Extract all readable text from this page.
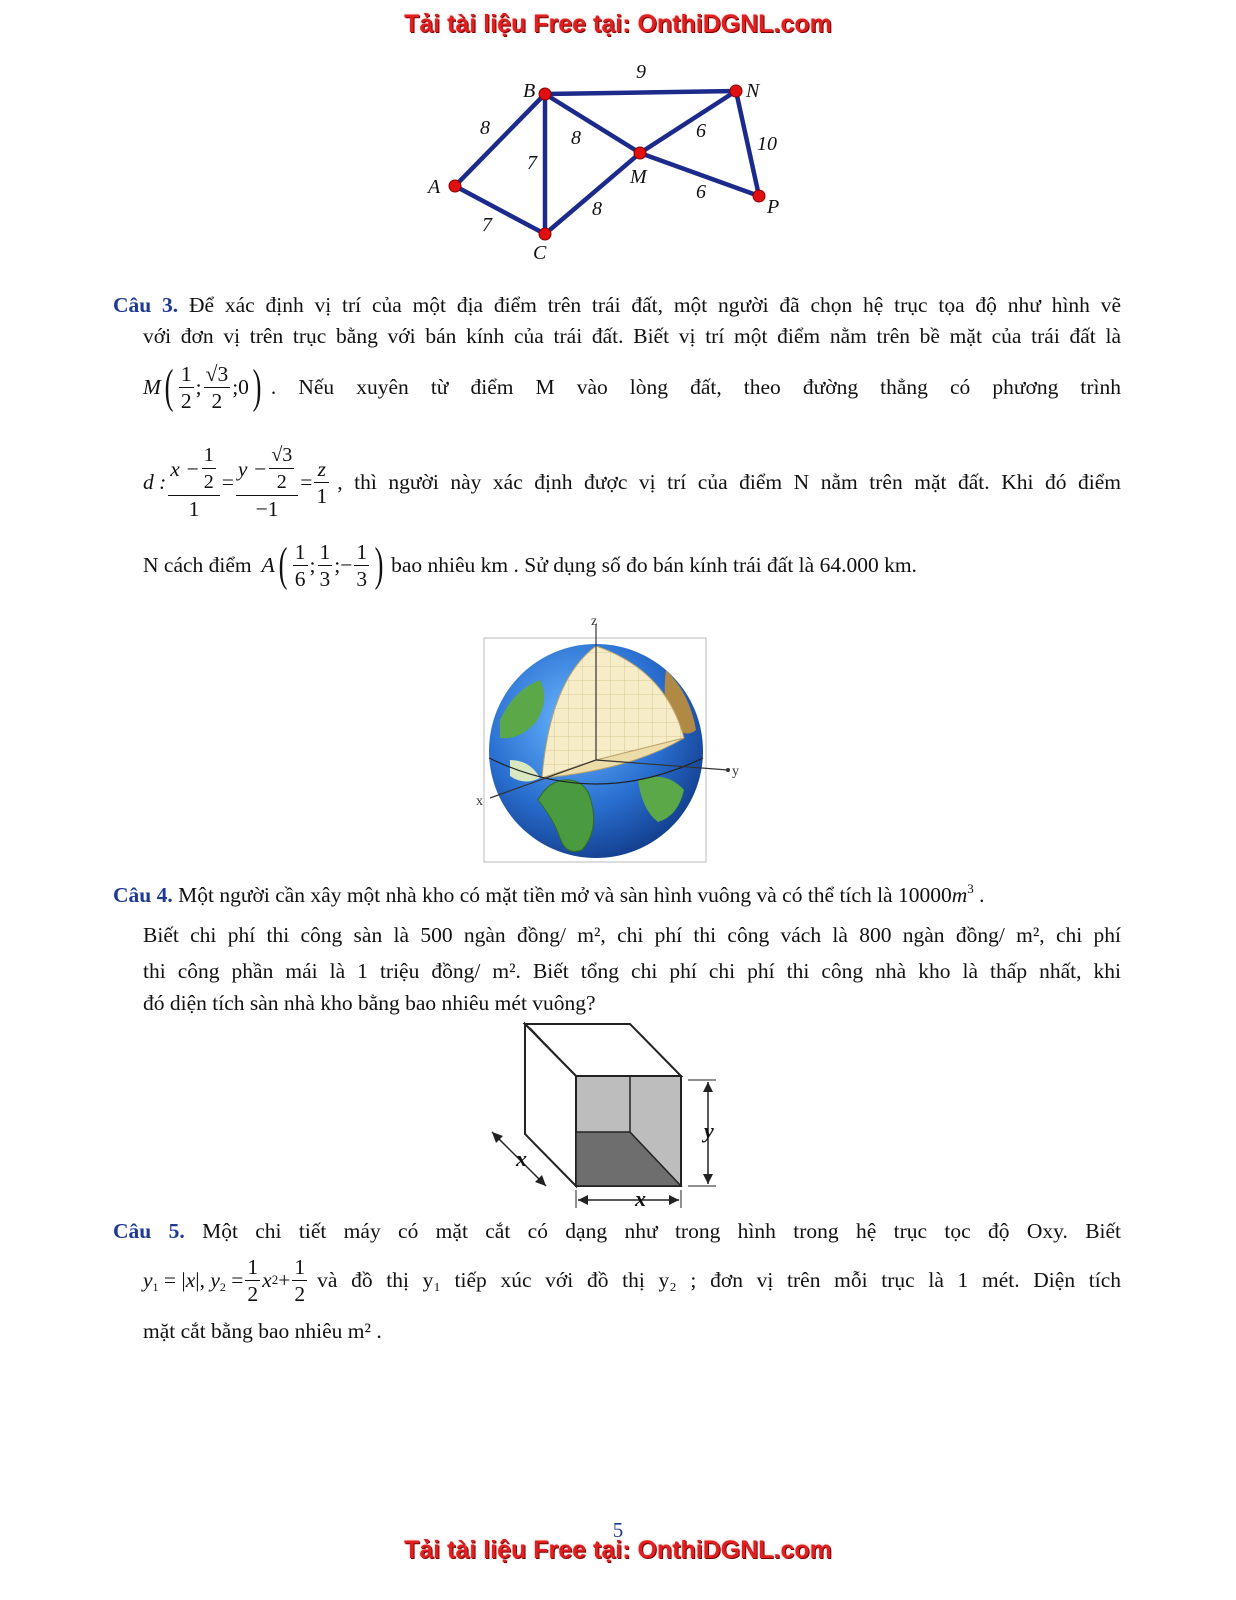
Tải tài liệu Free tại: OnthiDGNL.com
B	N
A	M
P
C
9
8	8
7
6
10
6
8
7
Câu 3. Để xác định vị trí của một địa điểm trên trái đất, một người đã chọn hệ trục tọa độ như hình vẽ
với đơn vị trên trục bằng với bán kính của trái đất. Biết vị trí một điểm nằm trên bề mặt của trái đất là
M ( $\frac{1}{2}$ ; $\frac{√3}{2}$ ;0 ) . Nếu xuyên từ điểm M vào lòng đất, theo đường thẳng có phương trình
d : $\frac{x - \frac{1}{2}}{1} = \frac{y - \frac{√3}{2}}{-1} = \frac{z}{1}$ , thì người này xác định được vị trí của điểm N nằm trên mặt đất. Khi đó điểm
N cách điểm A ( $\frac{1}{6}$ ; $\frac{1}{3}$ ;− $\frac{1}{3}$ ) bao nhiêu km . Sử dụng số đo bán kính trái đất là 64.000 km.
z
y
x
Câu 4. Một người cần xây một nhà kho có mặt tiền mở và sàn hình vuông và có thể tích là $10000m^3$ .
Biết chi phí thi công sàn là 500 ngàn đồng/ m², chi phí thi công vách là 800 ngàn đồng/ m², chi phí
thi công phần mái là 1 triệu đồng/ m². Biết tổng chi phí chi phí thi công nhà kho là thấp nhất, khi
đó diện tích sàn nhà kho bằng bao nhiêu mét vuông?
y
x
x
Câu 5. Một chi tiết máy có mặt cắt có dạng như trong hình trong hệ trục tọc độ Oxy. Biết
$y_1 = |x|$, $y_2 = \frac{1}{2}$ x $2 + \frac{1}{2}$ và đồ thị y₁ tiếp xúc với đồ thị y₂ ; đơn vị trên mỗi trục là 1 mét. Diện tích
mặt cắt bằng bao nhiêu m² .
5
Tải tài liệu Free tại: OnthiDGNL.com
